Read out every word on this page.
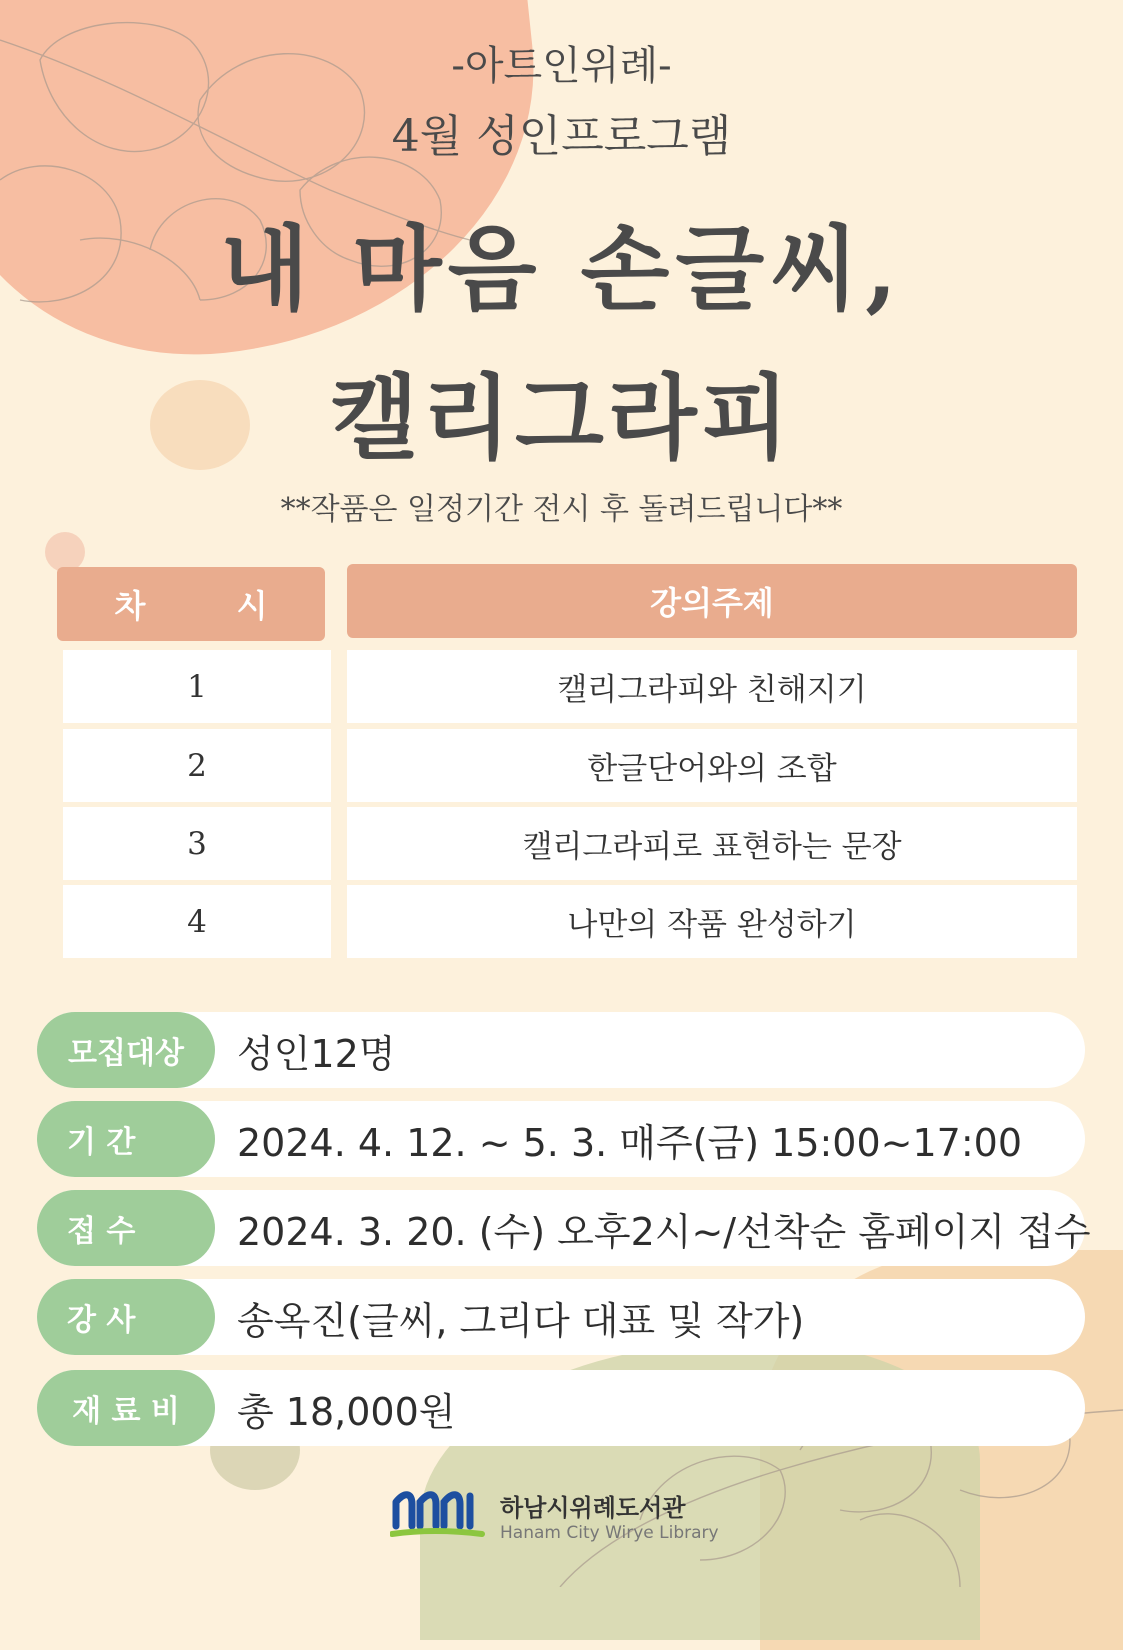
-아트인위례-
4월 성인프로그램
내 마음 손글씨,
캘리그라피
**작품은 일정기간 전시 후 돌려드립니다**
차 시	강의주제
1	캘리그라피와 친해지기
2	한글단어와의 조합
3	캘리그라피로 표현하는 문장
4	나만의 작품 완성하기
모집대상	성인12명
기 간	2024. 4. 12. ~ 5. 3. 매주(금) 15:00~17:00
접 수	2024. 3. 20. (수) 오후2시~/선착순 홈페이지 접수
강 사	송옥진(글씨, 그리다 대표 및 작가)
재 료 비	총 18,000원
하남시위례도서관
Hanam City Wirye Library
